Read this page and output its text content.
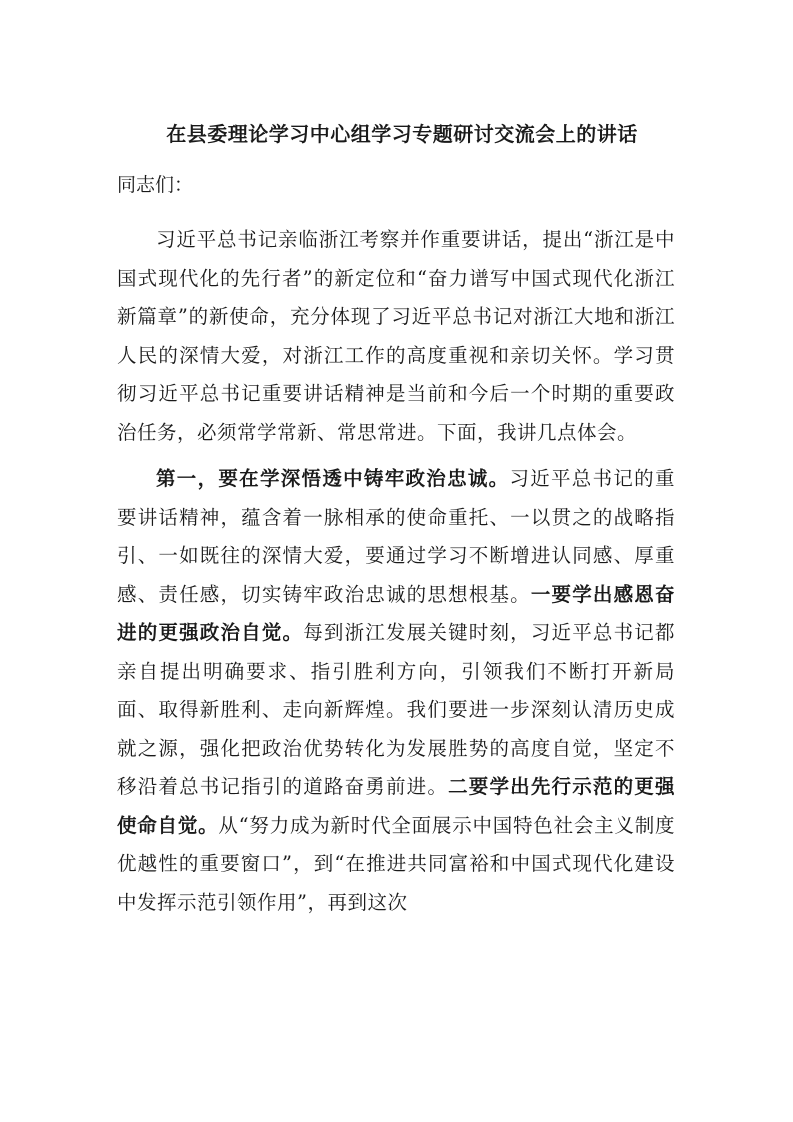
在县委理论学习中心组学习专题研讨交流会上的讲话
同志们：

习近平总书记亲临浙江考察并作重要讲话，提出“浙江是中国式现代化的先行者”的新定位和“奋力谱写中国式现代化浙江新篇章”的新使命，充分体现了习近平总书记对浙江大地和浙江人民的深情大爱，对浙江工作的高度重视和亲切关怀。学习贯彻习近平总书记重要讲话精神是当前和今后一个时期的重要政治任务，必须常学常新、常思常进。下面，我讲几点体会。

第一，要在学深悟透中铸牢政治忠诚。习近平总书记的重要讲话精神，蕴含着一脉相承的使命重托、一以贯之的战略指引、一如既往的深情大爱，要通过学习不断增进认同感、厚重感、责任感，切实铸牢政治忠诚的思想根基。一要学出感恩奋进的更强政治自觉。每到浙江发展关键时刻，习近平总书记都亲自提出明确要求、指引胜利方向，引领我们不断打开新局面、取得新胜利、走向新辉煌。我们要进一步深刻认清历史成就之源，强化把政治优势转化为发展胜势的高度自觉，坚定不移沿着总书记指引的道路奋勇前进。二要学出先行示范的更强使命自觉。从“努力成为新时代全面展示中国特色社会主义制度优越性的重要窗口”，到“在推进共同富裕和中国式现代化建设中发挥示范引领作用”，再到这次
